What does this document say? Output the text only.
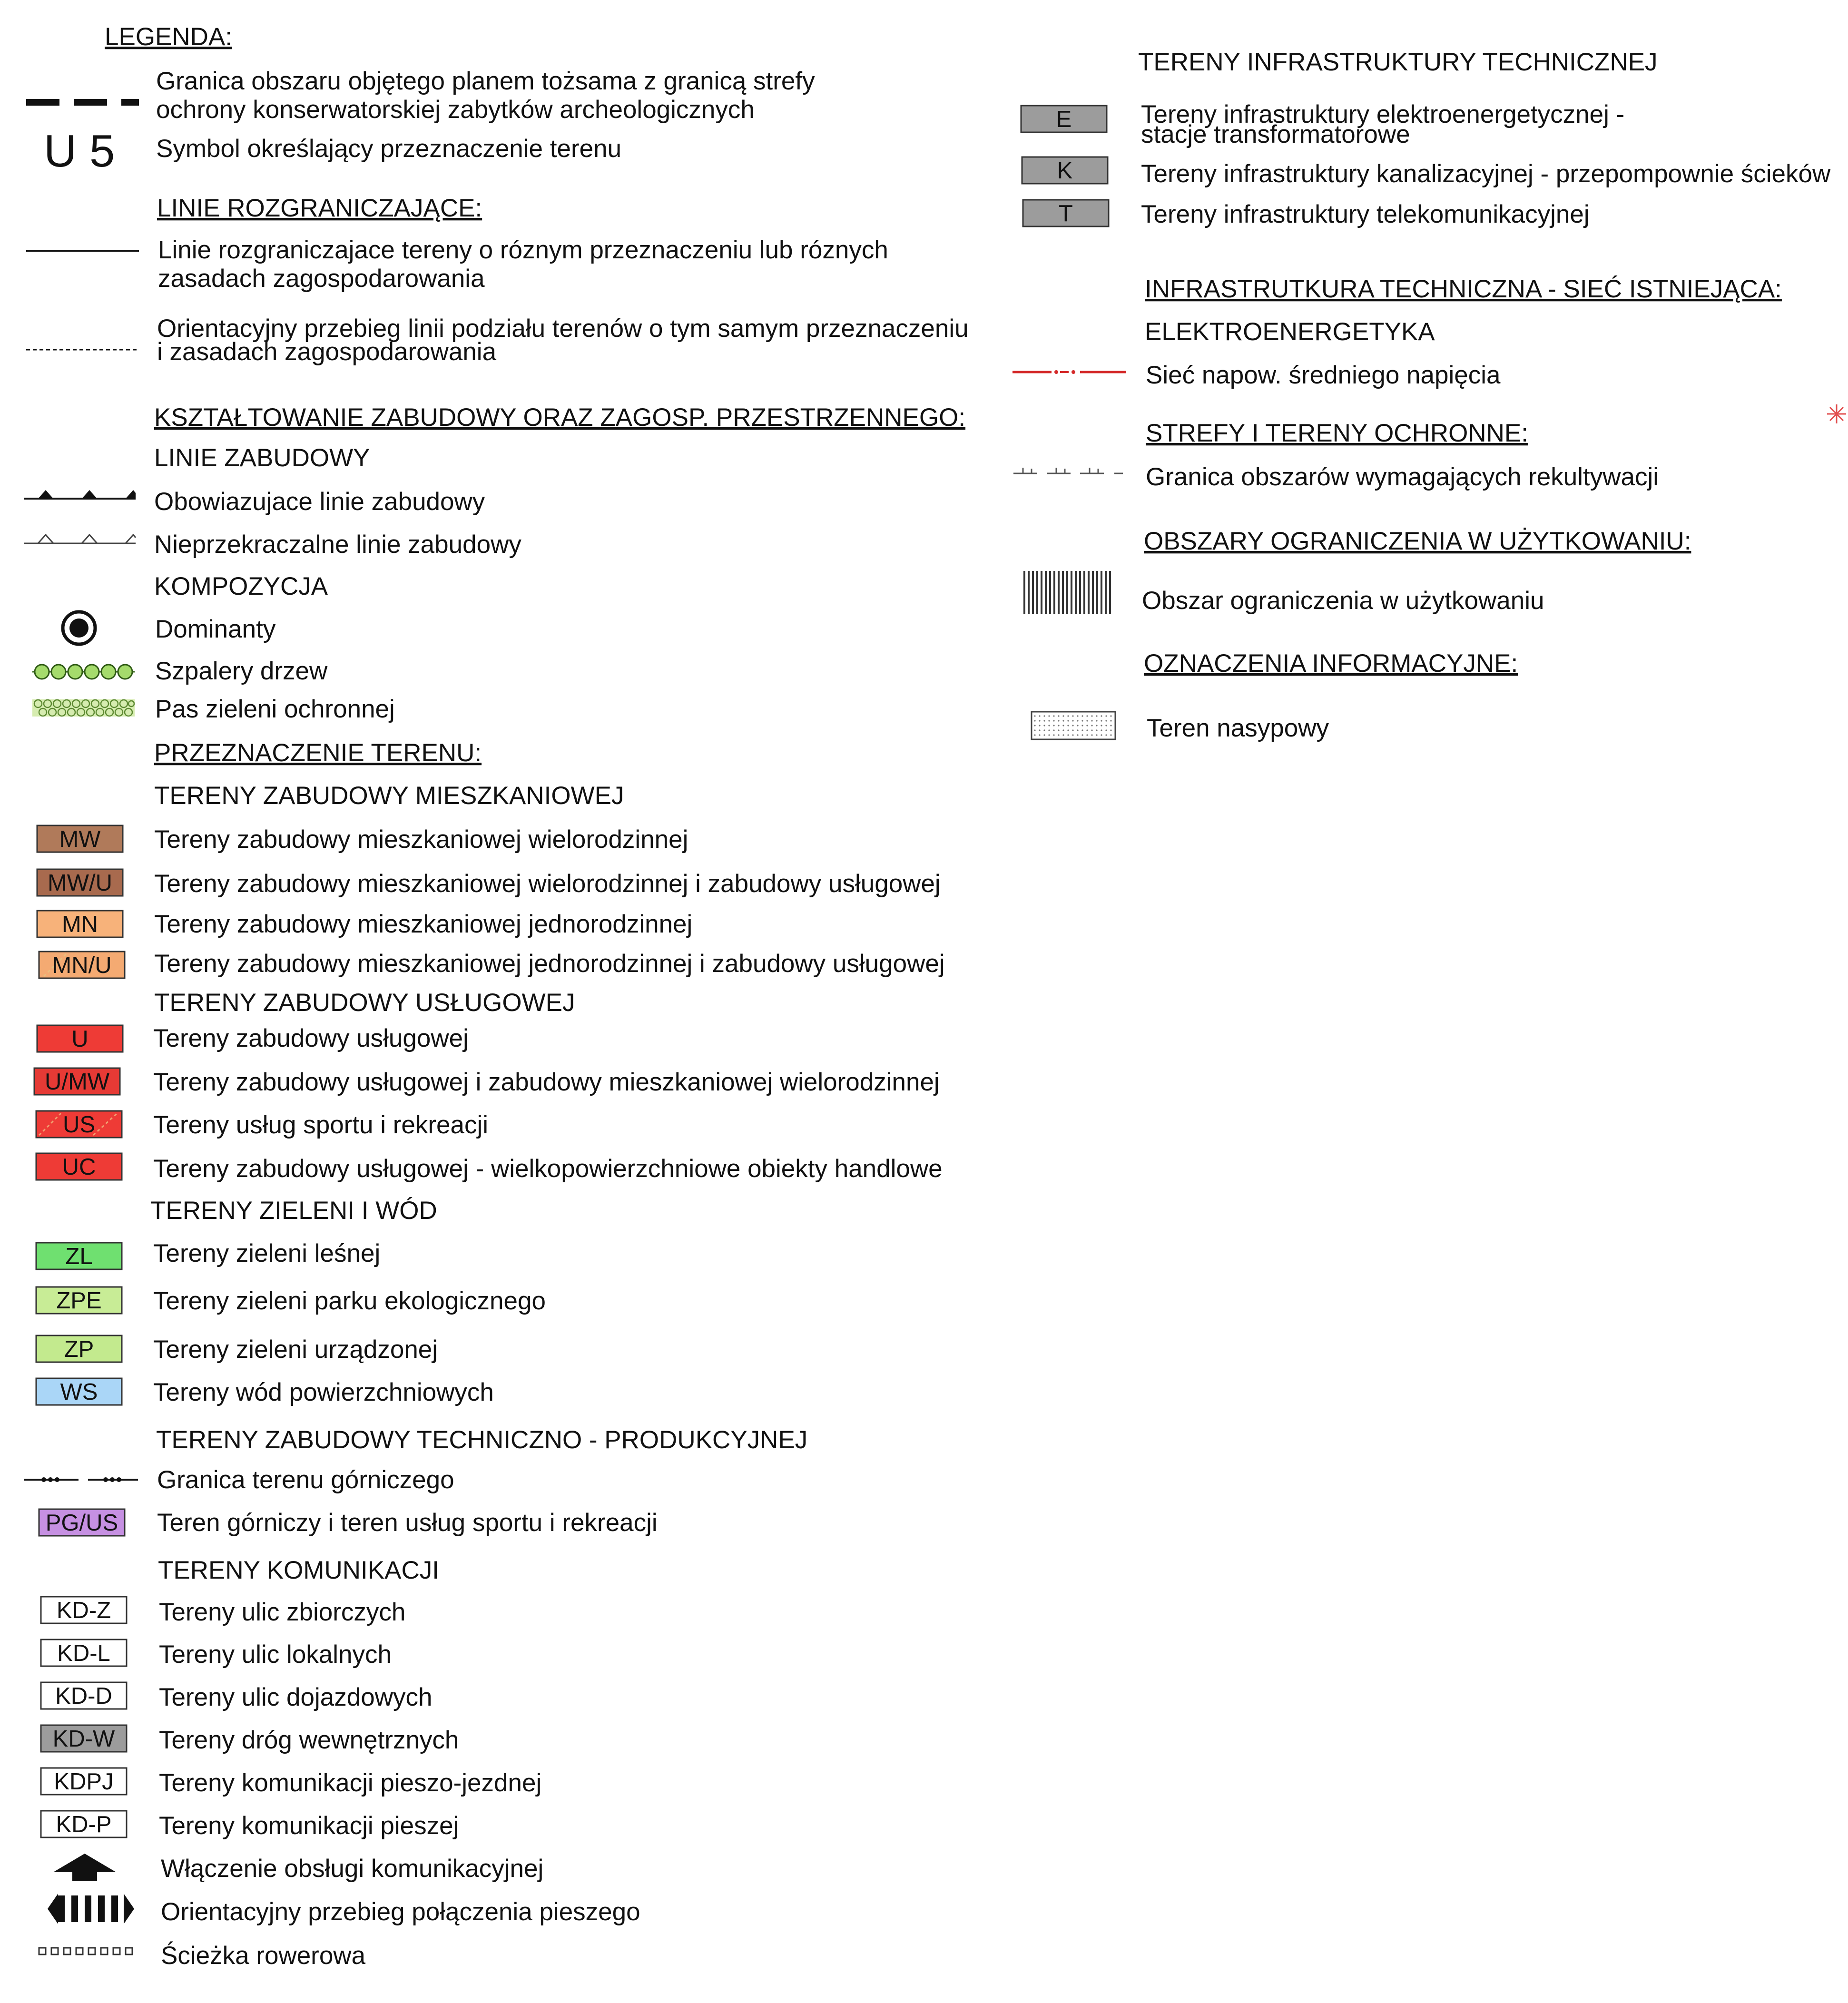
LEGENDA:
Granica obszaru objętego planem tożsama z granicą strefy
ochrony konserwatorskiej zabytków archeologicznych
U 5 Symbol określający przeznaczenie terenu
LINIE ROZGRANICZAJĄCE:
Linie rozgraniczajace tereny o róznym przeznaczeniu lub róznych
zasadach zagospodarowania
Orientacyjny przebieg linii podziału terenów o tym samym przeznaczeniu
i zasadach zagospodarowania
KSZTAŁTOWANIE ZABUDOWY ORAZ ZAGOSP. PRZESTRZENNEGO:
LINIE ZABUDOWY
Obowiazujace linie zabudowy
Nieprzekraczalne linie zabudowy
KOMPOZYCJA
Dominanty
Szpalery drzew
Pas zieleni ochronnej
PRZEZNACZENIE TERENU:
TERENY ZABUDOWY MIESZKANIOWEJ
MW Tereny zabudowy mieszkaniowej wielorodzinnej
MW/U Tereny zabudowy mieszkaniowej wielorodzinnej i zabudowy usługowej
MN Tereny zabudowy mieszkaniowej jednorodzinnej
MN/U Tereny zabudowy mieszkaniowej jednorodzinnej i zabudowy usługowej
TERENY ZABUDOWY USŁUGOWEJ
U	Tereny zabudowy usługowej
U/MW Tereny zabudowy usługowej i zabudowy mieszkaniowej wielorodzinnej
US Tereny usług sportu i rekreacji
UC Tereny zabudowy usługowej - wielkopowierzchniowe obiekty handlowe
TERENY ZIELENI I WÓD
ZL Tereny zieleni leśnej
ZPE Tereny zieleni parku ekologicznego
ZP Tereny zieleni urządzonej
WS Tereny wód powierzchniowych
TERENY ZABUDOWY TECHNICZNO - PRODUKCYJNEJ
Granica terenu górniczego
PG/US Teren górniczy i teren usług sportu i rekreacji
TERENY KOMUNIKACJI
KD-Z Tereny ulic zbiorczych
KD-L Tereny ulic lokalnych
KD-D Tereny ulic dojazdowych
KD-W Tereny dróg wewnętrznych
KDPJ Tereny komunikacji pieszo-jezdnej
KD-P Tereny komunikacji pieszej
Włączenie obsługi komunikacyjnej
Orientacyjny przebieg połączenia pieszego
Ścieżka rowerowa
TERENY INFRASTRUKTURY TECHNICZNEJ
E	Tereny infrastruktury elektroenergetycznej -
stacje transformatorowe
K	Tereny infrastruktury kanalizacyjnej - przepompownie ścieków
T	Tereny infrastruktury telekomunikacyjnej
INFRASTRUTKURA TECHNICZNA - SIEĆ ISTNIEJĄCA:
ELEKTROENERGETYKA
Sieć napow. średniego napięcia
STREFY I TERENY OCHRONNE:
Granica obszarów wymagających rekultywacji
OBSZARY OGRANICZENIA W UŻYTKOWANIU:
Obszar ograniczenia w użytkowaniu
OZNACZENIA INFORMACYJNE:
Teren nasypowy
